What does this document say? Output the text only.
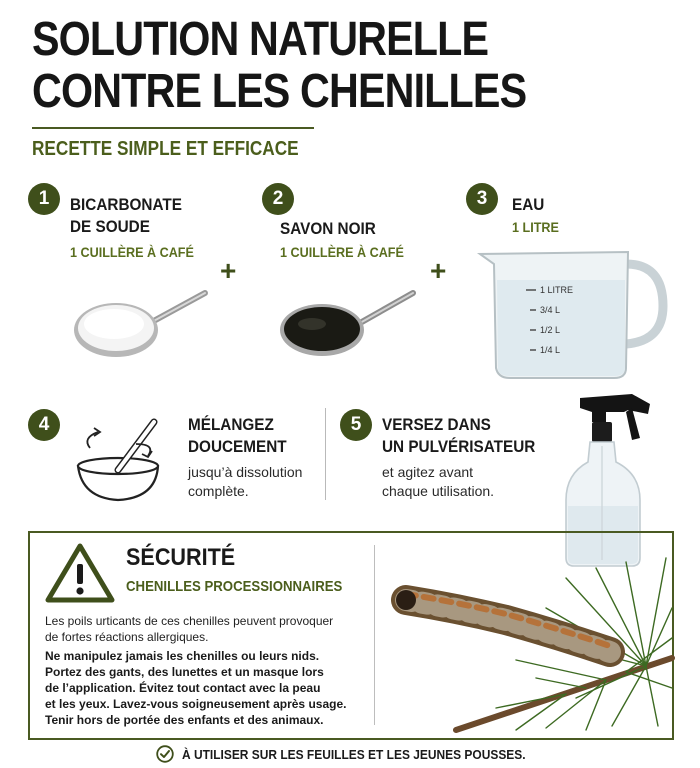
SOLUTION NATURELLE
CONTRE LES CHENILLES
RECETTE SIMPLE ET EFFICACE
1	BICARBONATE
DE SOUDE
1 CUILLÈRE À CAFÉ
+
2
SAVON NOIR
1 CUILLÈRE À CAFÉ
+
3	EAU
1 LITRE
1 LITRE
3/4 L
1/2 L
1/4 L
4	MÉLANGEZ
DOUCEMENT
jusqu’à dissolution
complète.
5	VERSEZ DANS
UN PULVÉRISATEUR
et agitez avant
chaque utilisation.
SÉCURITÉ
CHENILLES PROCESSIONNAIRES
Les poils urticants de ces chenilles peuvent provoquer
de fortes réactions allergiques.
Ne manipulez jamais les chenilles ou leurs nids.
Portez des gants, des lunettes et un masque lors
de l’application. Évitez tout contact avec la peau
et les yeux. Lavez-vous soigneusement après usage.
Tenir hors de portée des enfants et des animaux.
À UTILISER SUR LES FEUILLES ET LES JEUNES POUSSES.
